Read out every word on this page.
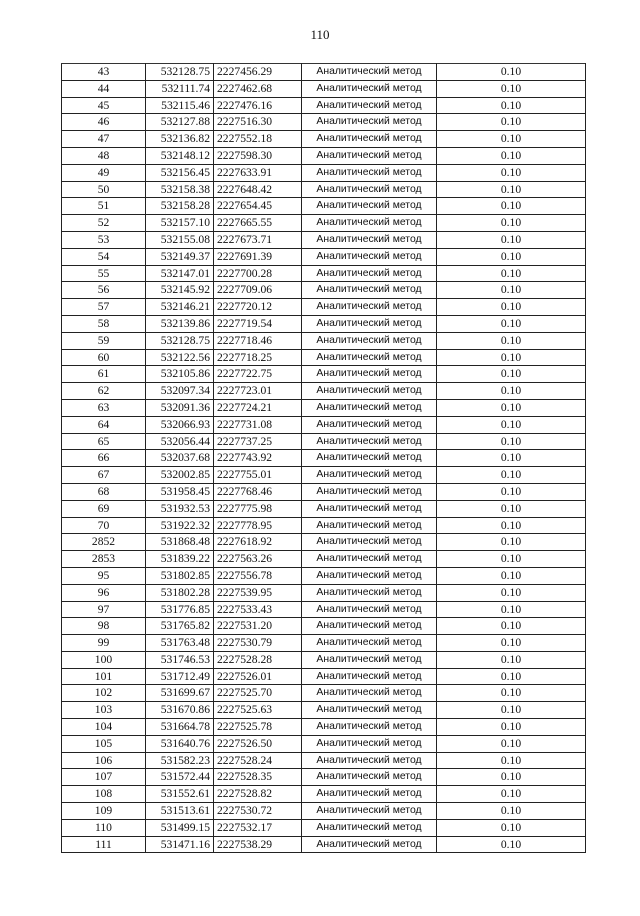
110
43	532128.75	2227456.29	Аналитический метод	0.10
44	532111.74	2227462.68	Аналитический метод	0.10
45	532115.46	2227476.16	Аналитический метод	0.10
46	532127.88	2227516.30	Аналитический метод	0.10
47	532136.82	2227552.18	Аналитический метод	0.10
48	532148.12	2227598.30	Аналитический метод	0.10
49	532156.45	2227633.91	Аналитический метод	0.10
50	532158.38	2227648.42	Аналитический метод	0.10
51	532158.28	2227654.45	Аналитический метод	0.10
52	532157.10	2227665.55	Аналитический метод	0.10
53	532155.08	2227673.71	Аналитический метод	0.10
54	532149.37	2227691.39	Аналитический метод	0.10
55	532147.01	2227700.28	Аналитический метод	0.10
56	532145.92	2227709.06	Аналитический метод	0.10
57	532146.21	2227720.12	Аналитический метод	0.10
58	532139.86	2227719.54	Аналитический метод	0.10
59	532128.75	2227718.46	Аналитический метод	0.10
60	532122.56	2227718.25	Аналитический метод	0.10
61	532105.86	2227722.75	Аналитический метод	0.10
62	532097.34	2227723.01	Аналитический метод	0.10
63	532091.36	2227724.21	Аналитический метод	0.10
64	532066.93	2227731.08	Аналитический метод	0.10
65	532056.44	2227737.25	Аналитический метод	0.10
66	532037.68	2227743.92	Аналитический метод	0.10
67	532002.85	2227755.01	Аналитический метод	0.10
68	531958.45	2227768.46	Аналитический метод	0.10
69	531932.53	2227775.98	Аналитический метод	0.10
70	531922.32	2227778.95	Аналитический метод	0.10
2852	531868.48	2227618.92	Аналитический метод	0.10
2853	531839.22	2227563.26	Аналитический метод	0.10
95	531802.85	2227556.78	Аналитический метод	0.10
96	531802.28	2227539.95	Аналитический метод	0.10
97	531776.85	2227533.43	Аналитический метод	0.10
98	531765.82	2227531.20	Аналитический метод	0.10
99	531763.48	2227530.79	Аналитический метод	0.10
100	531746.53	2227528.28	Аналитический метод	0.10
101	531712.49	2227526.01	Аналитический метод	0.10
102	531699.67	2227525.70	Аналитический метод	0.10
103	531670.86	2227525.63	Аналитический метод	0.10
104	531664.78	2227525.78	Аналитический метод	0.10
105	531640.76	2227526.50	Аналитический метод	0.10
106	531582.23	2227528.24	Аналитический метод	0.10
107	531572.44	2227528.35	Аналитический метод	0.10
108	531552.61	2227528.82	Аналитический метод	0.10
109	531513.61	2227530.72	Аналитический метод	0.10
110	531499.15	2227532.17	Аналитический метод	0.10
111	531471.16	2227538.29	Аналитический метод	0.10
